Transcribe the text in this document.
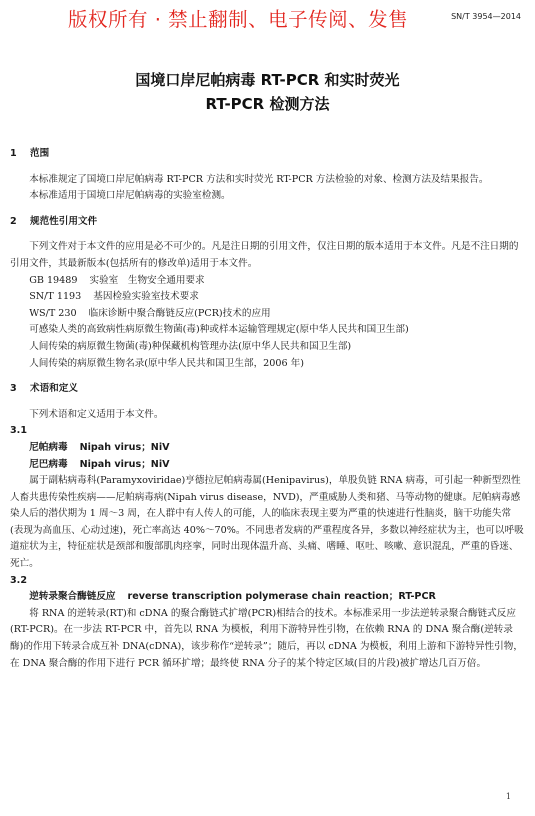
版权所有 · 禁止翻制、电子传阅、发售	SN/T 3954—2014
国境口岸尼帕病毒 RT-PCR 和实时荧光
RT-PCR 检测方法

1 范围

本标准规定了国境口岸尼帕病毒 RT-PCR 方法和实时荧光 RT-PCR 方法检验的对象、检测方法及结果报告。

本标准适用于国境口岸尼帕病毒的实验室检测。

2 规范性引用文件

下列文件对于本文件的应用是必不可少的。凡是注日期的引用文件，仅注日期的版本适用于本文件。凡是不注日期的引用文件，其最新版本(包括所有的修改单)适用于本文件。

GB 19489 实验室　生物安全通用要求

SN/T 1193 基因检验实验室技术要求

WS/T 230 临床诊断中聚合酶链反应(PCR)技术的应用

可感染人类的高致病性病原微生物菌(毒)种或样本运输管理规定(原中华人民共和国卫生部)

人间传染的病原微生物菌(毒)种保藏机构管理办法(原中华人民共和国卫生部)

人间传染的病原微生物名录(原中华人民共和国卫生部，2006 年)

3 术语和定义

下列术语和定义适用于本文件。

3.1

尼帕病毒 Nipah virus；NiV

尼巴病毒 Nipah virus；NiV

属于副粘病毒科(Paramyxoviridae)亨德拉尼帕病毒属(Henipavirus)，单股负链 RNA 病毒，可引起一种新型烈性人畜共患传染性疾病——尼帕病毒病(Nipah virus disease，NVD)，严重威胁人类和猪、马等动物的健康。尼帕病毒感染人后的潜伏期为 1 周～3 周，在人群中有人传人的可能，人的临床表现主要为严重的快速进行性脑炎，脑干功能失常(表现为高血压、心动过速)，死亡率高达 40%～70%。不同患者发病的严重程度各异，多数以神经症状为主，也可以呼吸道症状为主，特征症状是颈部和腹部肌肉痉挛，同时出现体温升高、头痛、嗜睡、呕吐、咳嗽、意识混乱，严重的昏迷、死亡。

3.2

逆转录聚合酶链反应 reverse transcription polymerase chain reaction；RT-PCR

将 RNA 的逆转录(RT)和 cDNA 的聚合酶链式扩增(PCR)相结合的技术。本标准采用一步法逆转录聚合酶链式反应(RT-PCR)。在一步法 RT-PCR 中，首先以 RNA 为模板，利用下游特异性引物，在依赖 RNA 的 DNA 聚合酶(逆转录酶)的作用下转录合成互补 DNA(cDNA)，该步称作“逆转录”；随后，再以 cDNA 为模板，利用上游和下游特异性引物，在 DNA 聚合酶的作用下进行 PCR 循环扩增；最终使 RNA 分子的某个特定区域(目的片段)被扩增达几百万倍。

1
